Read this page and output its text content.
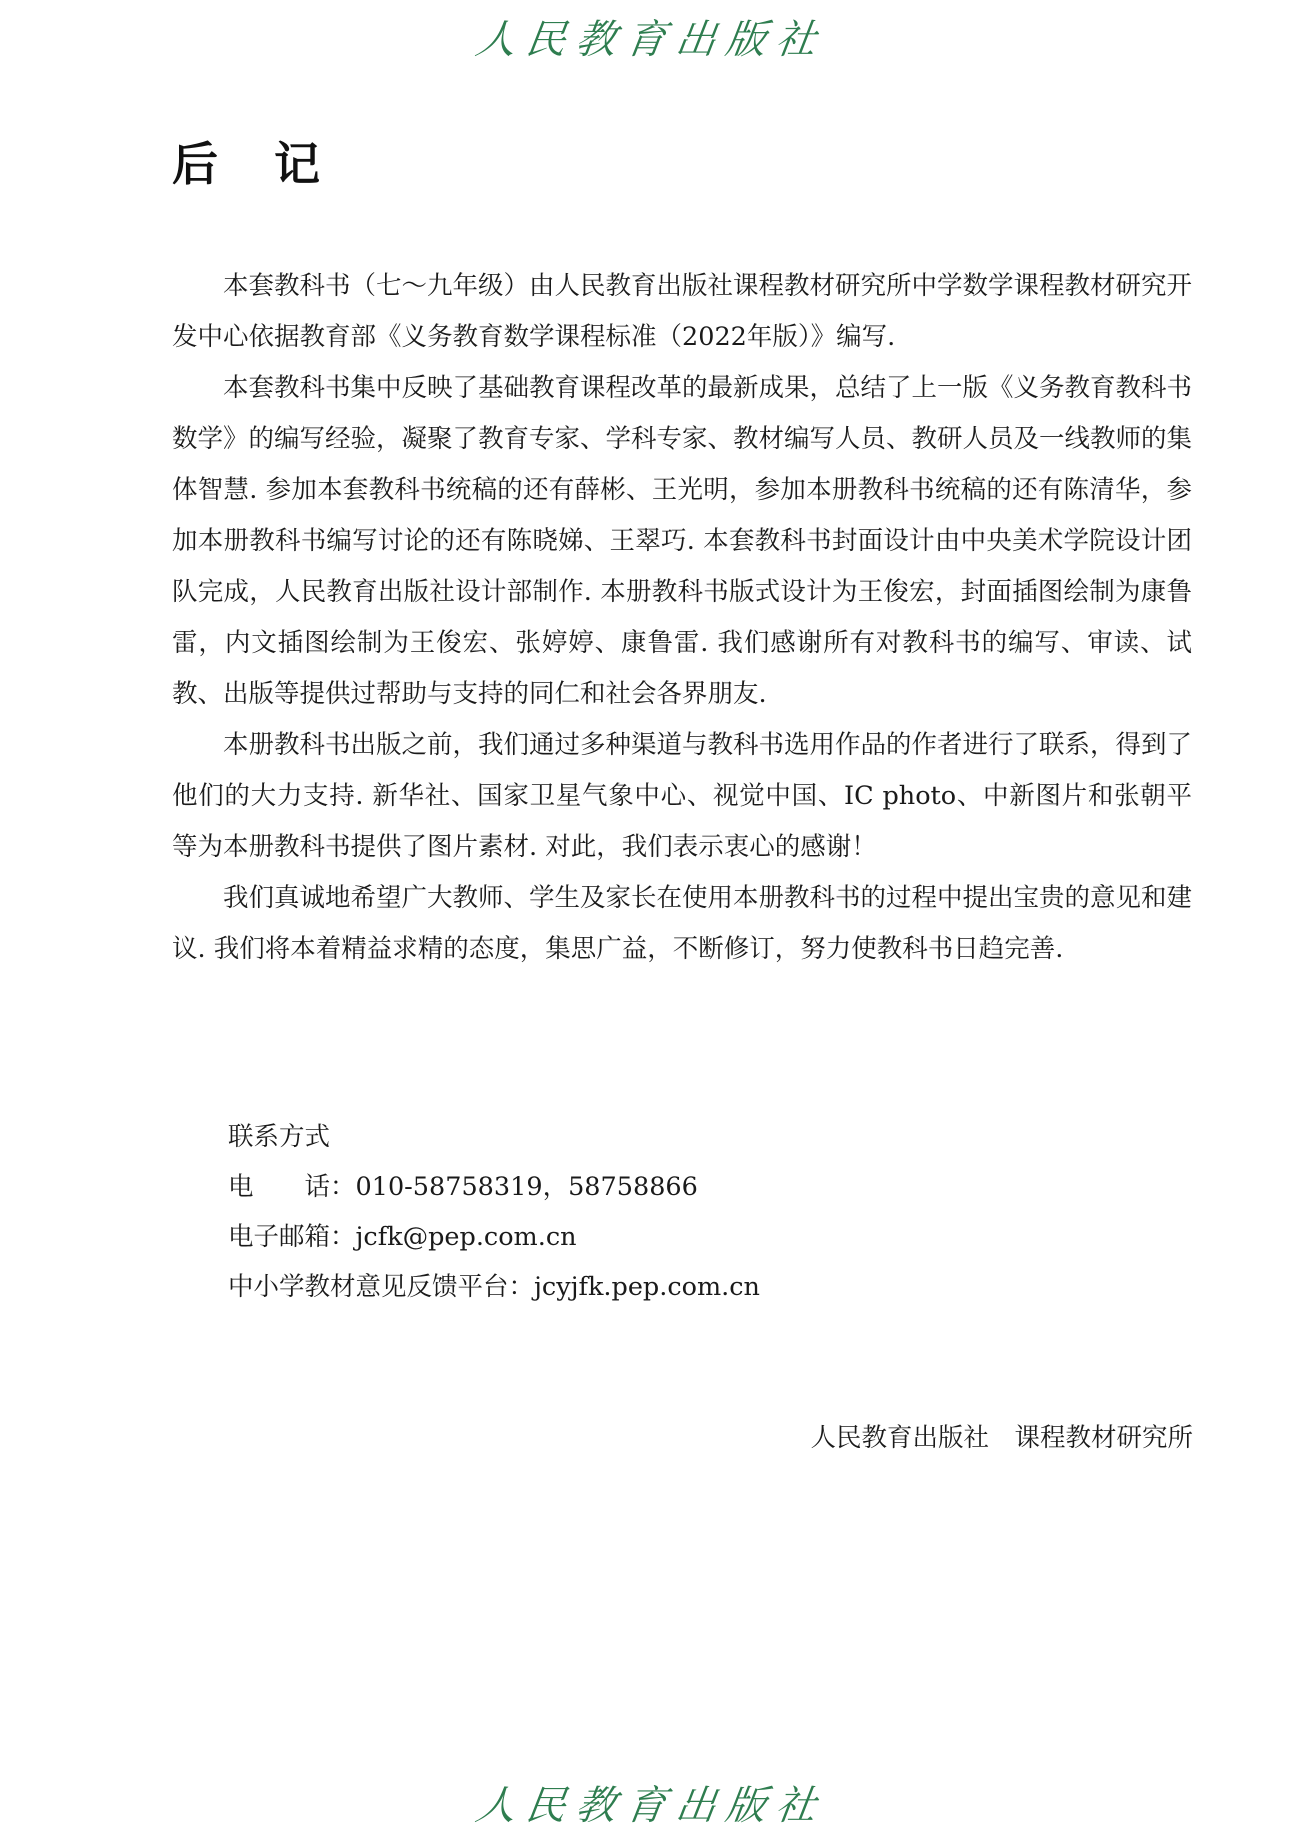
人民教育出版社
后记

本套教科书（七～九年级）由人民教育出版社课程教材研究所中学数学课程教材研究开发中心依据教育部《义务教育数学课程标准（2022年版）》编写.

本套教科书集中反映了基础教育课程改革的最新成果，总结了上一版《义务教育教科书　数学》的编写经验，凝聚了教育专家、学科专家、教材编写人员、教研人员及一线教师的集体智慧. 参加本套教科书统稿的还有薛彬、王光明，参加本册教科书统稿的还有陈清华，参加本册教科书编写讨论的还有陈晓娣、王翠巧. 本套教科书封面设计由中央美术学院设计团队完成，人民教育出版社设计部制作. 本册教科书版式设计为王俊宏，封面插图绘制为康鲁雷，内文插图绘制为王俊宏、张婷婷、康鲁雷. 我们感谢所有对教科书的编写、审读、试教、出版等提供过帮助与支持的同仁和社会各界朋友.

本册教科书出版之前，我们通过多种渠道与教科书选用作品的作者进行了联系，得到了他们的大力支持. 新华社、国家卫星气象中心、视觉中国、IC photo、中新图片和张朝平等为本册教科书提供了图片素材. 对此，我们表示衷心的感谢！

我们真诚地希望广大教师、学生及家长在使用本册教科书的过程中提出宝贵的意见和建议. 我们将本着精益求精的态度，集思广益，不断修订，努力使教科书日趋完善.

联系方式
电　　话：010-58758319，58758866
电子邮箱：jcfk@pep.com.cn
中小学教材意见反馈平台：jcyjfk.pep.com.cn
人民教育出版社　课程教材研究所
人民教育出版社
